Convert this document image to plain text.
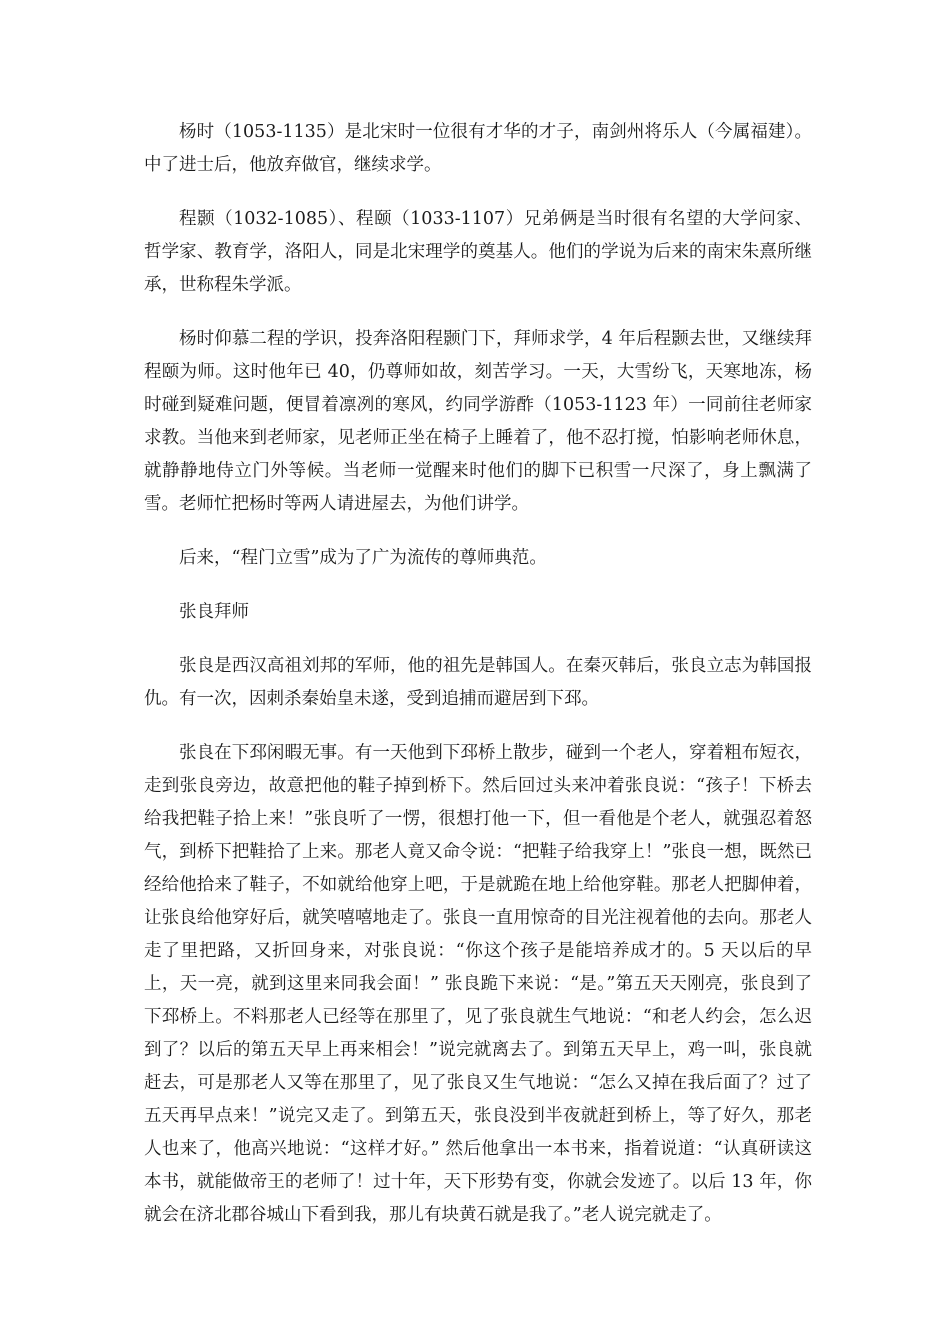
杨时（1053-1135）是北宋时一位很有才华的才子，南剑州将乐人（今属福建）。中了进士后，他放弃做官，继续求学。

程颢（1032-1085）、程颐（1033-1107）兄弟俩是当时很有名望的大学问家、哲学家、教育学，洛阳人，同是北宋理学的奠基人。他们的学说为后来的南宋朱熹所继承，世称程朱学派。

杨时仰慕二程的学识，投奔洛阳程颢门下，拜师求学，4 年后程颢去世，又继续拜程颐为师。这时他年已 40，仍尊师如故，刻苦学习。一天，大雪纷飞，天寒地冻，杨时碰到疑难问题，便冒着凛冽的寒风，约同学游酢（1053-1123 年）一同前往老师家求教。当他来到老师家，见老师正坐在椅子上睡着了，他不忍打搅，怕影响老师休息，就静静地侍立门外等候。当老师一觉醒来时他们的脚下已积雪一尺深了，身上飘满了雪。老师忙把杨时等两人请进屋去，为他们讲学。

后来，“程门立雪”成为了广为流传的尊师典范。

张良拜师

张良是西汉高祖刘邦的军师，他的祖先是韩国人。在秦灭韩后，张良立志为韩国报仇。有一次，因刺杀秦始皇未遂，受到追捕而避居到下邳。

张良在下邳闲暇无事。有一天他到下邳桥上散步，碰到一个老人，穿着粗布短衣，走到张良旁边，故意把他的鞋子掉到桥下。然后回过头来冲着张良说：“孩子！下桥去给我把鞋子拾上来！”张良听了一愣，很想打他一下，但一看他是个老人，就强忍着怒气，到桥下把鞋拾了上来。那老人竟又命令说：“把鞋子给我穿上！”张良一想，既然已经给他拾来了鞋子，不如就给他穿上吧，于是就跪在地上给他穿鞋。那老人把脚伸着，让张良给他穿好后，就笑嘻嘻地走了。张良一直用惊奇的目光注视着他的去向。那老人走了里把路，又折回身来，对张良说：“你这个孩子是能培养成才的。5 天以后的早上，天一亮，就到这里来同我会面！” 张良跪下来说：“是。”第五天天刚亮，张良到了下邳桥上。不料那老人已经等在那里了，见了张良就生气地说：“和老人约会，怎么迟到了？以后的第五天早上再来相会！”说完就离去了。到第五天早上，鸡一叫，张良就赶去，可是那老人又等在那里了，见了张良又生气地说：“怎么又掉在我后面了？过了五天再早点来！”说完又走了。到第五天，张良没到半夜就赶到桥上，等了好久，那老人也来了，他高兴地说：“这样才好。” 然后他拿出一本书来，指着说道：“认真研读这本书，就能做帝王的老师了！过十年，天下形势有变，你就会发迹了。以后 13 年，你就会在济北郡谷城山下看到我，那儿有块黄石就是我了。”老人说完就走了。
